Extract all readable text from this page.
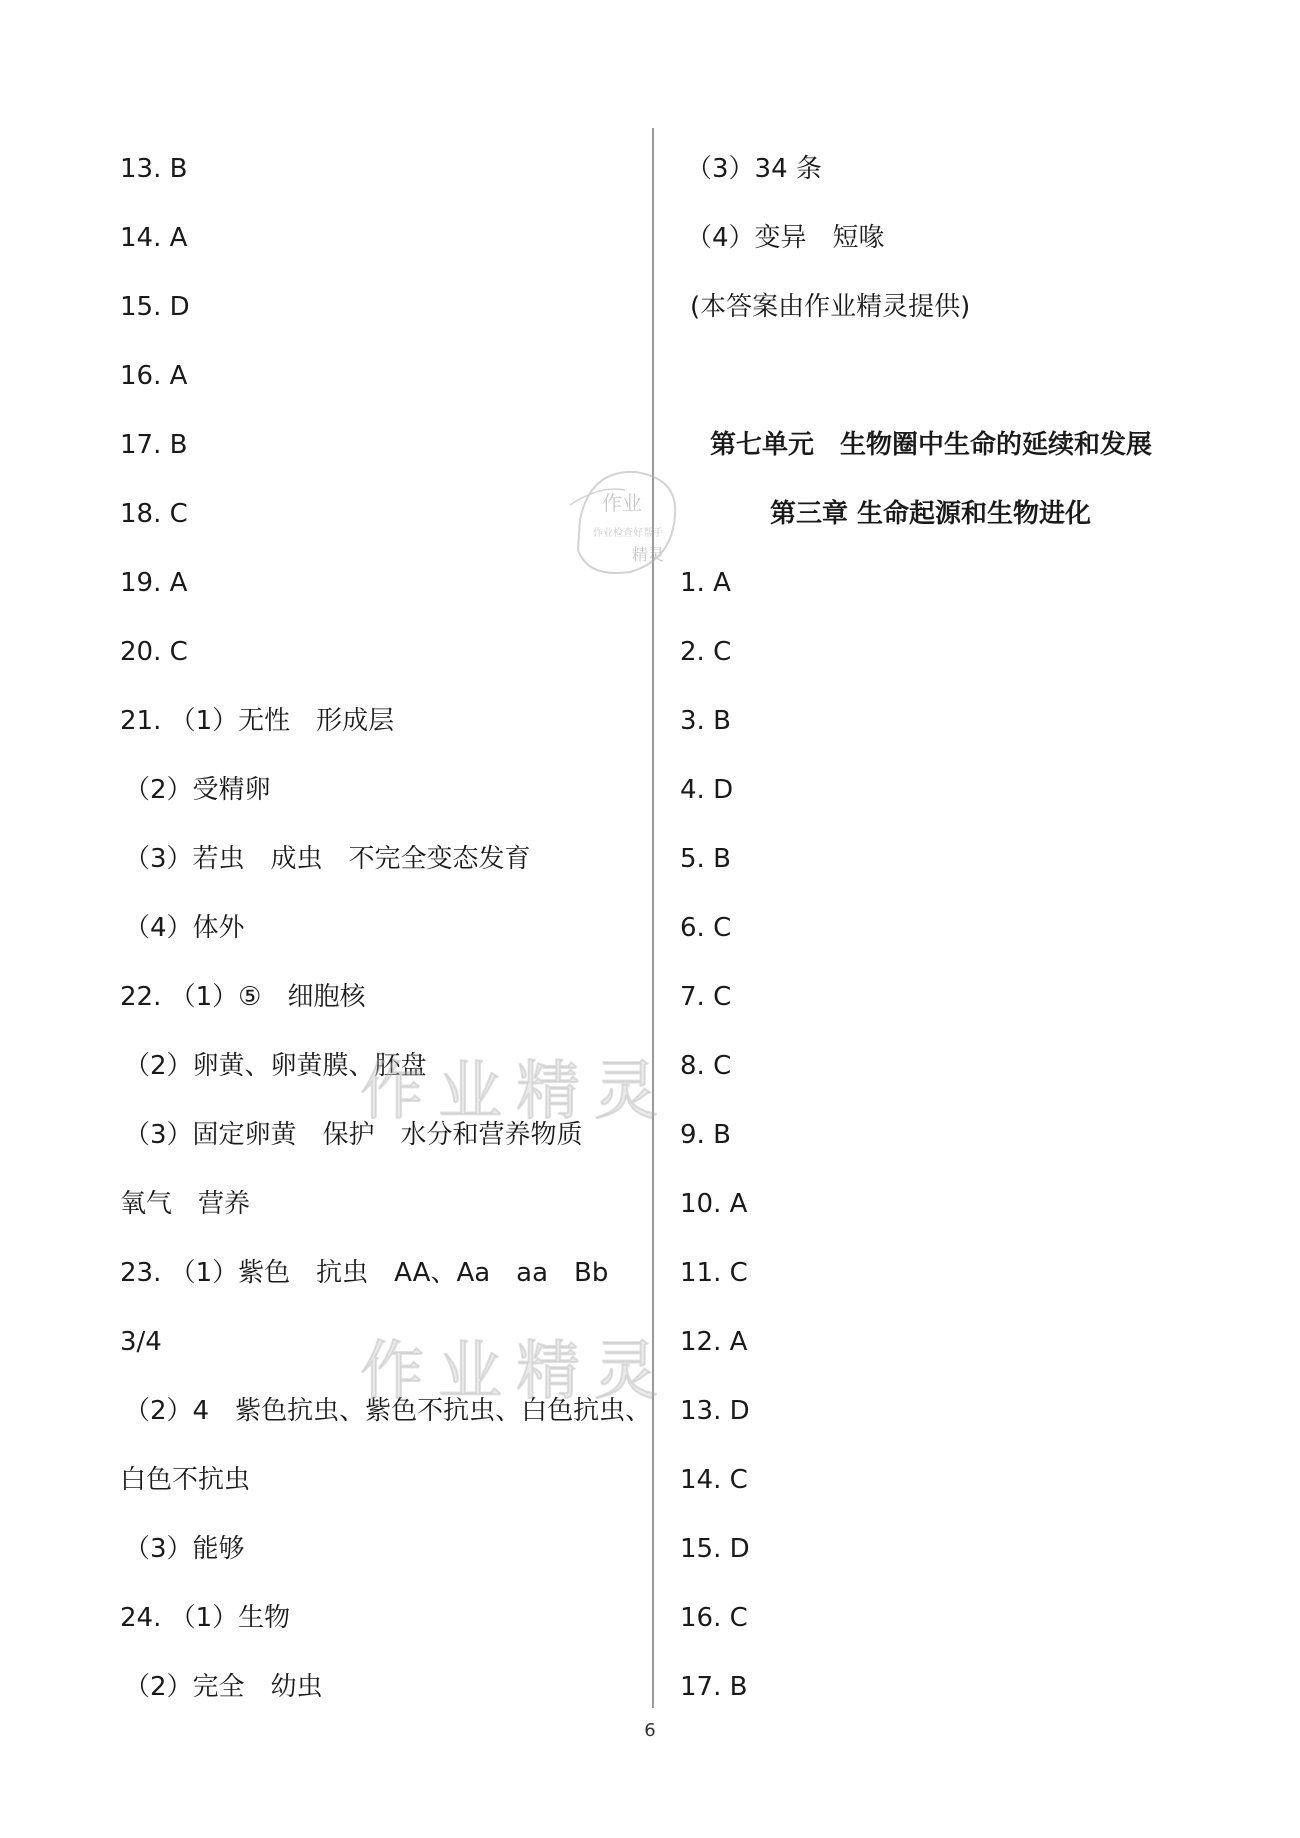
13. B
14. A
15. D
16. A
17. B
18. C
19. A
20. C
21. （1）无性　形成层
（2）受精卵
（3）若虫　成虫　不完全变态发育
（4）体外
22. （1）⑤　细胞核
（2）卵黄、卵黄膜、胚盘
（3）固定卵黄　保护　水分和营养物质
氧气　营养
23. （1）紫色　抗虫　AA、Aa　aa　Bb
3/4
（2）4　紫色抗虫、紫色不抗虫、白色抗虫、
白色不抗虫
（3）能够
24. （1）生物
（2）完全　幼虫
（3）34 条
（4）变异　短喙
(本答案由作业精灵提供)
第七单元　生物圈中生命的延续和发展
第三章 生命起源和生物进化
1. A
2. C
3. B
4. D
5. B
6. C
7. C
8. C
9. B
10. A
11. C
12. A
13. D
14. C
15. D
16. C
17. B
作业
作业检查好帮手
精灵
作业精灵
作业精灵
6
